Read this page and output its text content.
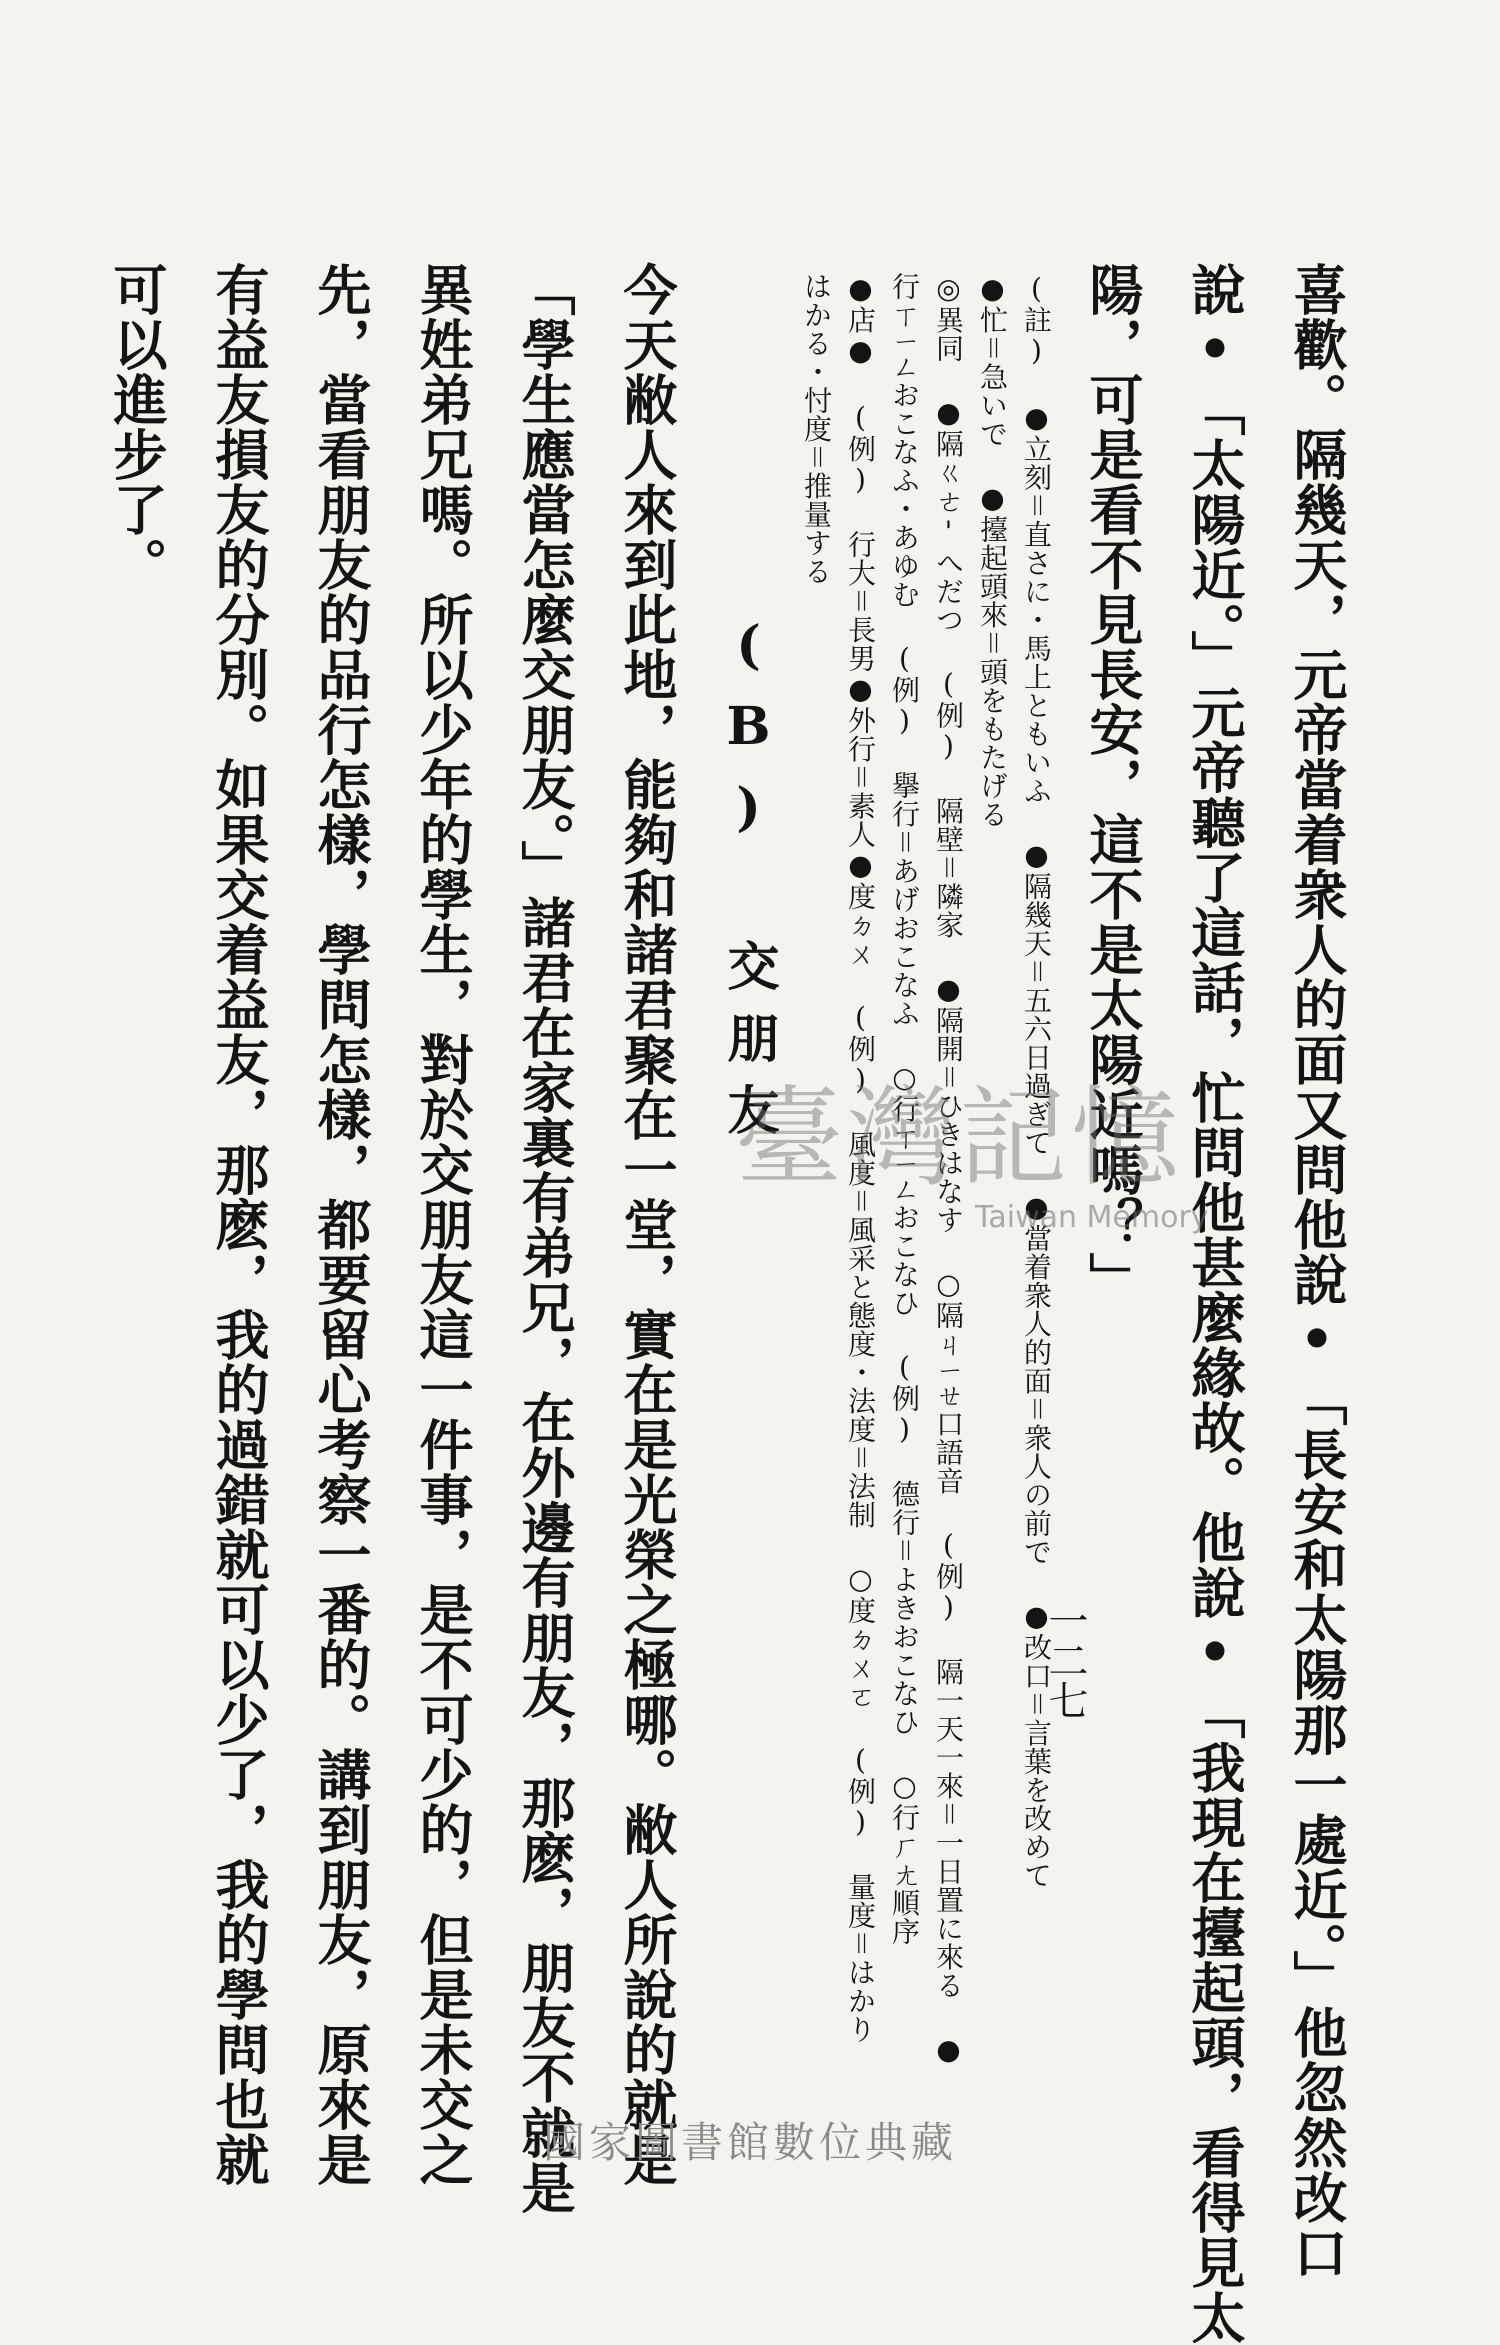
喜歡。隔幾天，元帝當着衆人的面又問他說•「長安和太陽那一處近。」他忽然改口
說•「太陽近。」元帝聽了這話，忙問他甚麼緣故。他說•「我現在擡起頭，看得見太
陽，可是看不見長安，這不是太陽近嗎？」
(註) ●立刻＝直さに・馬上ともいふ ●隔幾天＝五六日過ぎて ●當着衆人的面＝衆人の前で ●改口＝言葉を改めて
●忙＝急いで ●擡起頭來＝頭をもたげる
◎異同 ●隔ㄍㄜ'へだつ (例) 隔壁＝隣家 ●隔開＝ひきはなす ○隔ㄐㄧㄝ口語音 (例) 隔一天一來＝一日置に來る ●
行ㄒㄧㄥおこなふ・あゆむ (例) 擧行＝あげおこなふ ○行ㄒㄧㄥおこなひ (例) 德行＝よきおこなひ ○行ㄏㄤ順序
●店● (例) 行大＝長男●外行＝素人●度ㄉㄨ (例) 風度＝風采と態度・法度＝法制 ○度ㄉㄨㄛ (例) 量度＝はかり
はかる・忖度＝推量する
(B) 交朋友
今天敝人來到此地，能夠和諸君聚在一堂，實在是光榮之極哪。敝人所說的就是
「學生應當怎麼交朋友。」諸君在家裏有弟兄，在外邊有朋友，那麽，朋友不就是
異姓弟兄嗎。所以少年的學生，對於交朋友這一件事，是不可少的，但是未交之
先，當看朋友的品行怎樣，學問怎樣，都要留心考察一番的。講到朋友，原來是
有益友損友的分別。如果交着益友，那麽，我的過錯就可以少了，我的學問也就
可以進步了。
一二七
臺灣記憶
Taiwan Memory
國家圖書館數位典藏
